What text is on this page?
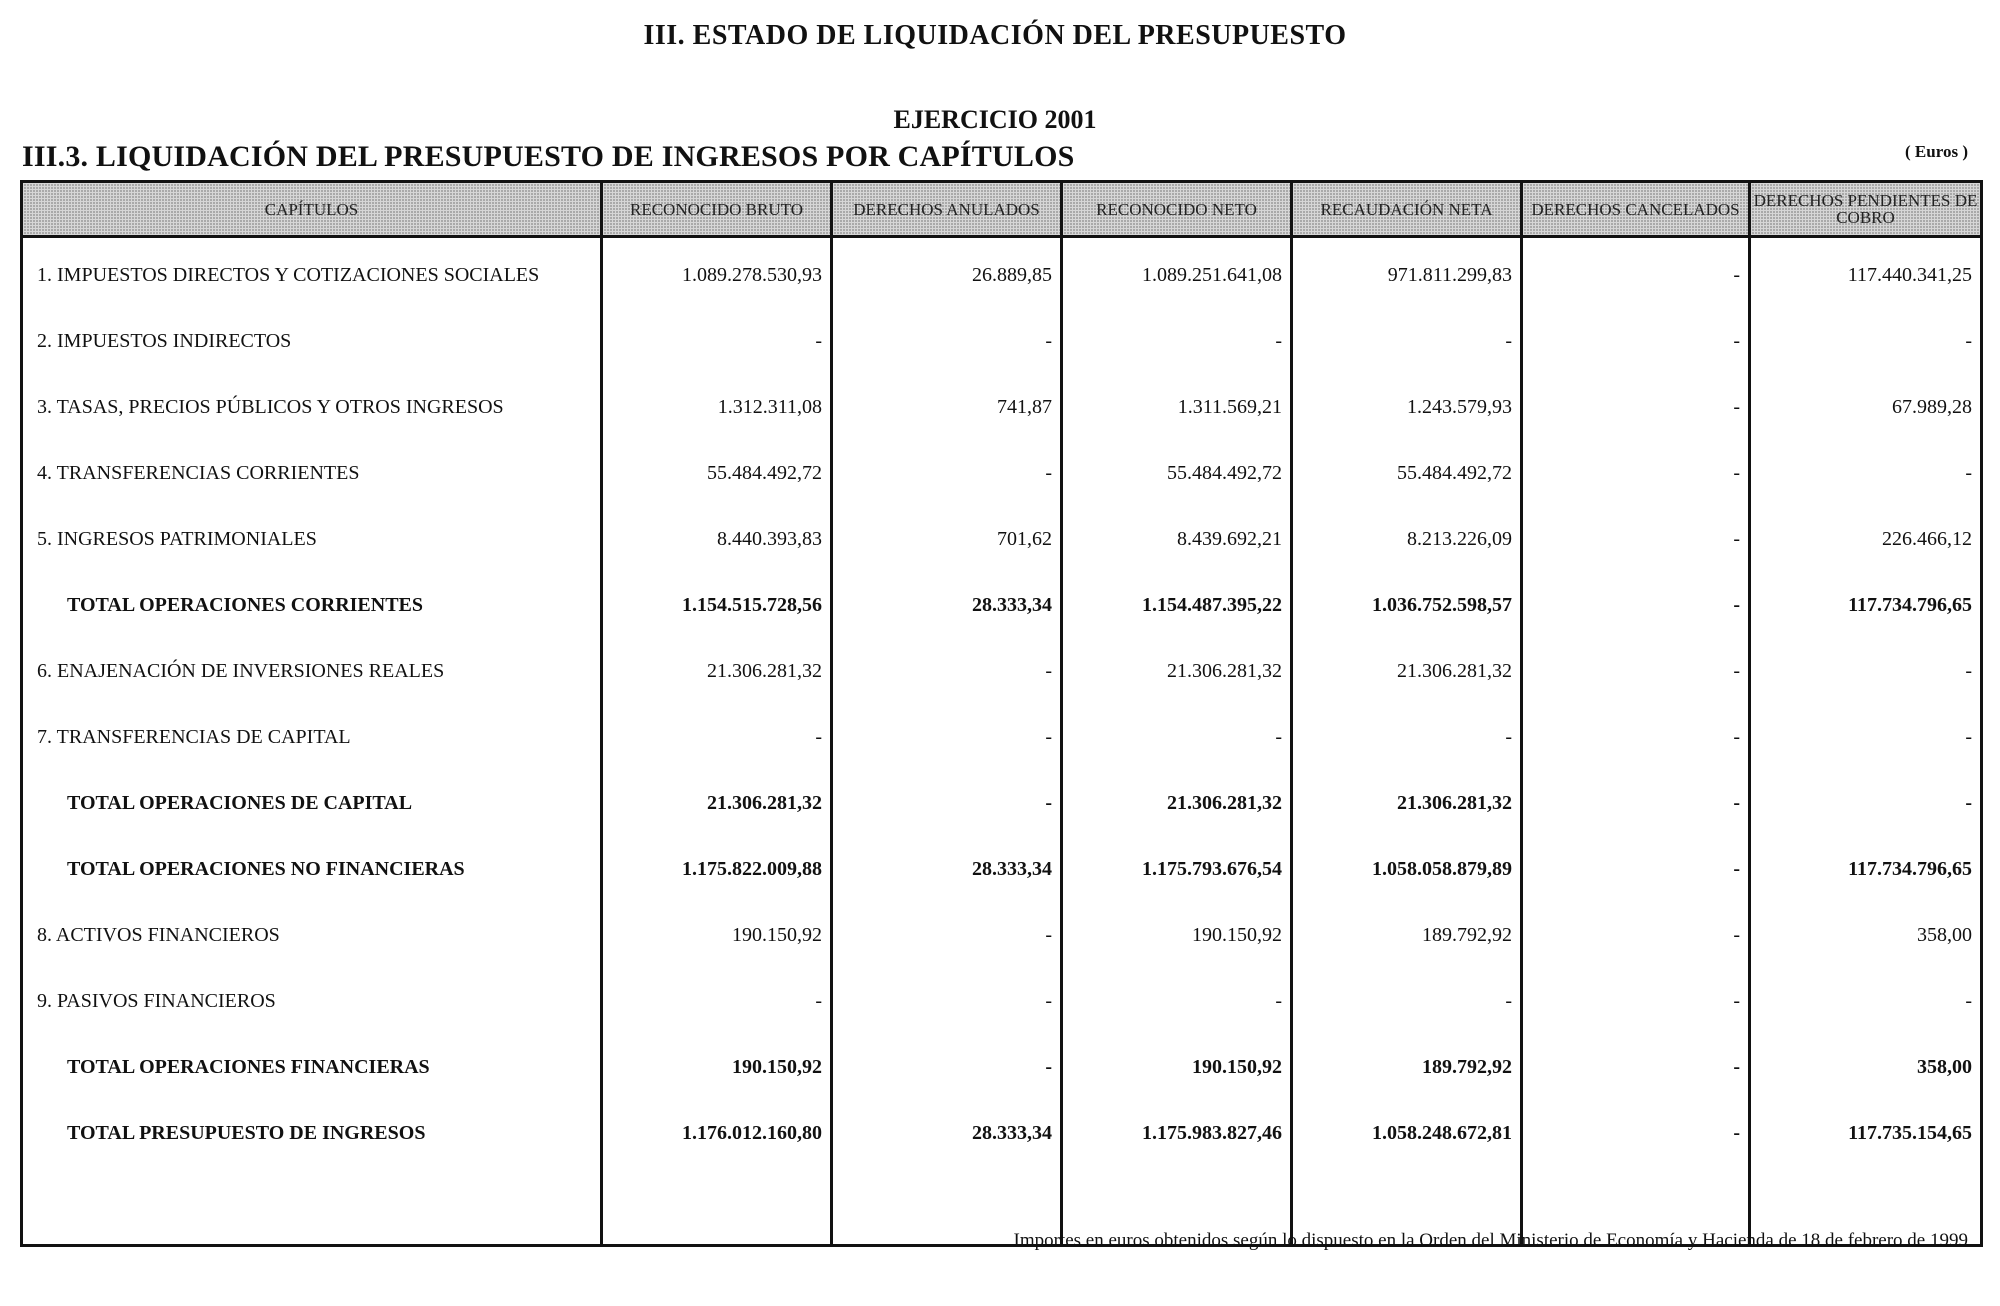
III. ESTADO DE LIQUIDACIÓN DEL PRESUPUESTO
EJERCICIO 2001
III.3. LIQUIDACIÓN DEL PRESUPUESTO DE INGRESOS POR CAPÍTULOS	( Euros )
CAPÍTULOS	RECONOCIDO BRUTO	DERECHOS ANULADOS	RECONOCIDO NETO	RECAUDACIÓN NETA	DERECHOS CANCELADOS	DERECHOS PENDIENTES DE COBRO
1. IMPUESTOS DIRECTOS Y COTIZACIONES SOCIALES	1.089.278.530,93	26.889,85	1.089.251.641,08	971.811.299,83	-	117.440.341,25
2. IMPUESTOS INDIRECTOS	-	-	-	-	-	-
3. TASAS, PRECIOS PÚBLICOS Y OTROS INGRESOS	1.312.311,08	741,87	1.311.569,21	1.243.579,93	-	67.989,28
4. TRANSFERENCIAS CORRIENTES	55.484.492,72	-	55.484.492,72	55.484.492,72	-	-
5. INGRESOS PATRIMONIALES	8.440.393,83	701,62	8.439.692,21	8.213.226,09	-	226.466,12
TOTAL OPERACIONES CORRIENTES	1.154.515.728,56	28.333,34	1.154.487.395,22	1.036.752.598,57	-	117.734.796,65
6. ENAJENACIÓN DE INVERSIONES REALES	21.306.281,32	-	21.306.281,32	21.306.281,32	-	-
7. TRANSFERENCIAS DE CAPITAL	-	-	-	-	-	-
TOTAL OPERACIONES DE CAPITAL	21.306.281,32	-	21.306.281,32	21.306.281,32	-	-
TOTAL OPERACIONES NO FINANCIERAS	1.175.822.009,88	28.333,34	1.175.793.676,54	1.058.058.879,89	-	117.734.796,65
8. ACTIVOS FINANCIEROS	190.150,92	-	190.150,92	189.792,92	-	358,00
9. PASIVOS FINANCIEROS	-	-	-	-	-	-
TOTAL OPERACIONES FINANCIERAS	190.150,92	-	190.150,92	189.792,92	-	358,00
TOTAL PRESUPUESTO DE INGRESOS	1.176.012.160,80	28.333,34	1.175.983.827,46	1.058.248.672,81	-	117.735.154,65

Importes en euros obtenidos según lo dispuesto en la Orden del Ministerio de Economía y Hacienda de 18 de febrero de 1999
